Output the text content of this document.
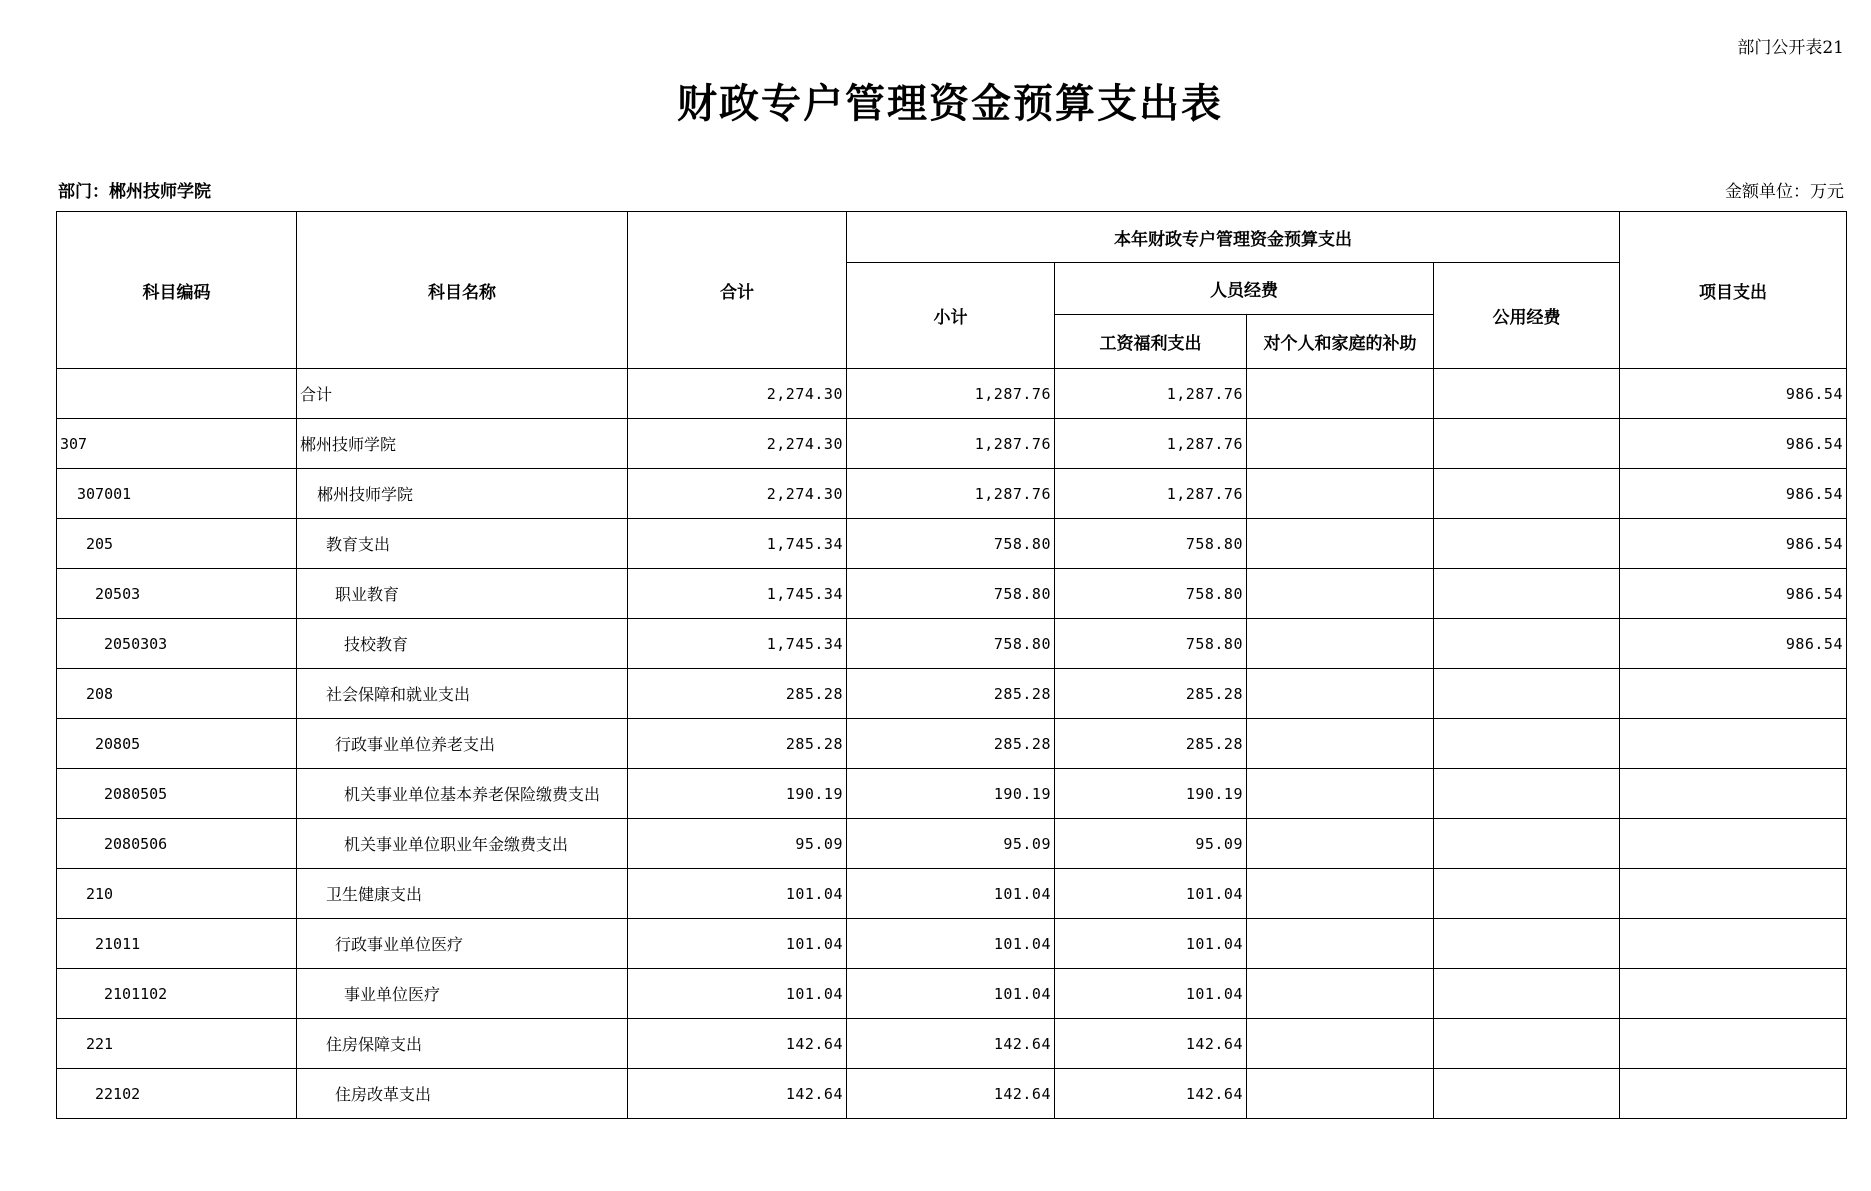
部门公开表21
财政专户管理资金预算支出表
部门：郴州技师学院	金额单位：万元
科目编码	科目名称	合计	本年财政专户管理资金预算支出				项目支出
			小计	人员经费		公用经费	
				工资福利支出	对个人和家庭的补助		
	合计	2,274.30	1,287.76	1,287.76			986.54
307	郴州技师学院	2,274.30	1,287.76	1,287.76			986.54
307001	郴州技师学院	2,274.30	1,287.76	1,287.76			986.54
205	教育支出	1,745.34	758.80	758.80			986.54
20503	职业教育	1,745.34	758.80	758.80			986.54
2050303	技校教育	1,745.34	758.80	758.80			986.54
208	社会保障和就业支出	285.28	285.28	285.28			
20805	行政事业单位养老支出	285.28	285.28	285.28			
2080505	机关事业单位基本养老保险缴费支出	190.19	190.19	190.19			
2080506	机关事业单位职业年金缴费支出	95.09	95.09	95.09			
210	卫生健康支出	101.04	101.04	101.04			
21011	行政事业单位医疗	101.04	101.04	101.04			
2101102	事业单位医疗	101.04	101.04	101.04			
221	住房保障支出	142.64	142.64	142.64			
22102	住房改革支出	142.64	142.64	142.64			
